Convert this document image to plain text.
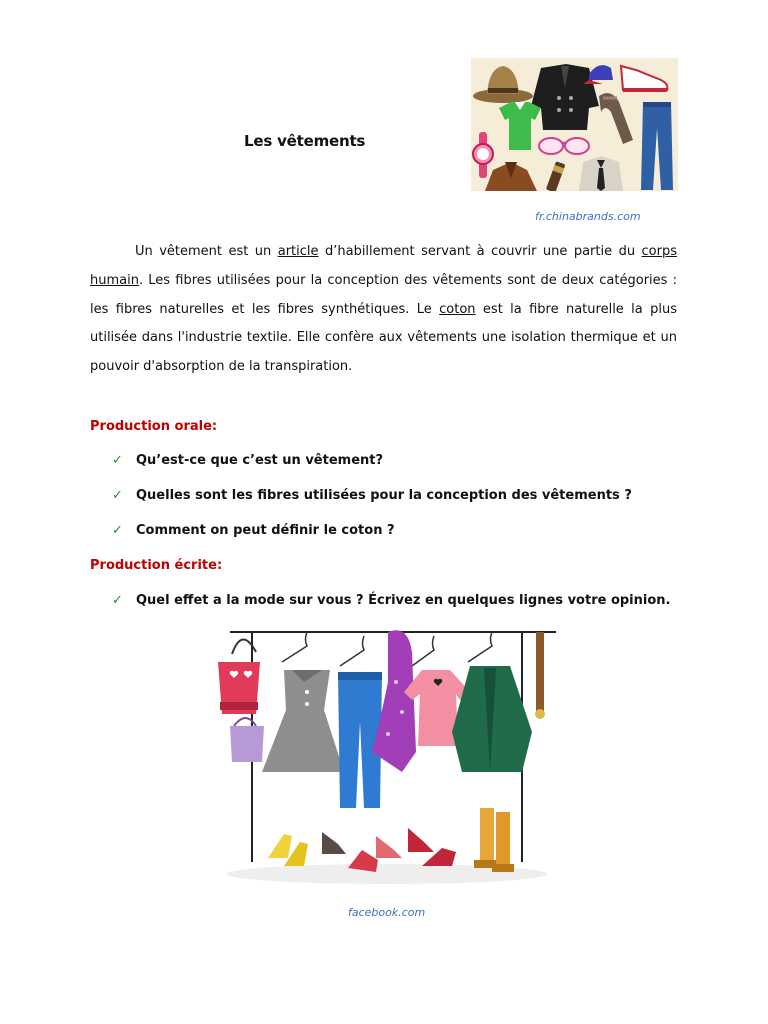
Les vêtements
fr.chinabrands.com
Un vêtement est un article d’habillement servant à couvrir une partie du corps humain. Les fibres utilisées pour la conception des vêtements sont de deux catégories : les fibres naturelles et les fibres synthétiques. Le coton est la fibre naturelle la plus utilisée dans l'industrie textile. Elle confère aux vêtements une isolation thermique et un pouvoir d'absorption de la transpiration.
Production orale:
✓ Qu’est-ce que c’est un vêtement?
✓ Quelles sont les fibres utilisées pour la conception des vêtements ?
✓ Comment on peut définir le coton ?
Production écrite:
✓ Quel effet a la mode sur vous ? Écrivez en quelques lignes votre opinion.
facebook.com
